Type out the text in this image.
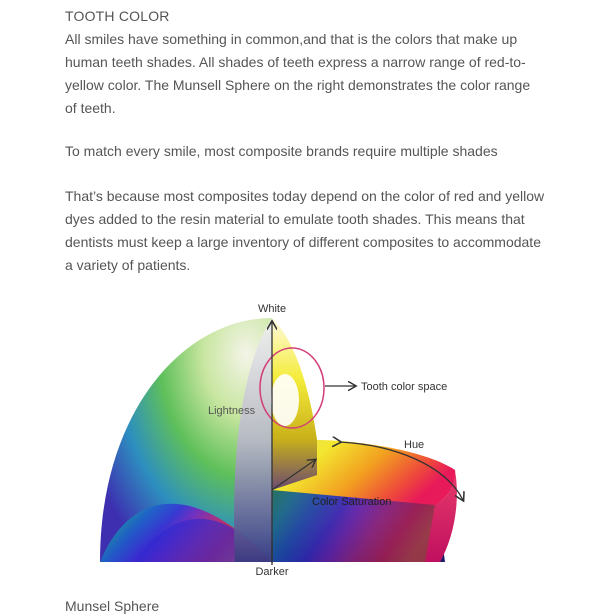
TOOTH COLOR

All smiles have something in common,and that is the colors that make up human teeth shades. All shades of teeth express a narrow range of red-to-yellow color. The Munsell Sphere on the right demonstrates the color range of teeth.

To match every smile, most composite brands require multiple shades

That’s because most composites today depend on the color of red and yellow dyes added to the resin material to emulate tooth shades. This means that dentists must keep a large inventory of different composites to accommodate a variety of patients.

White
Darker
Lightness
Tooth color space
Hue
Color Saturation

Munsel Sphere
